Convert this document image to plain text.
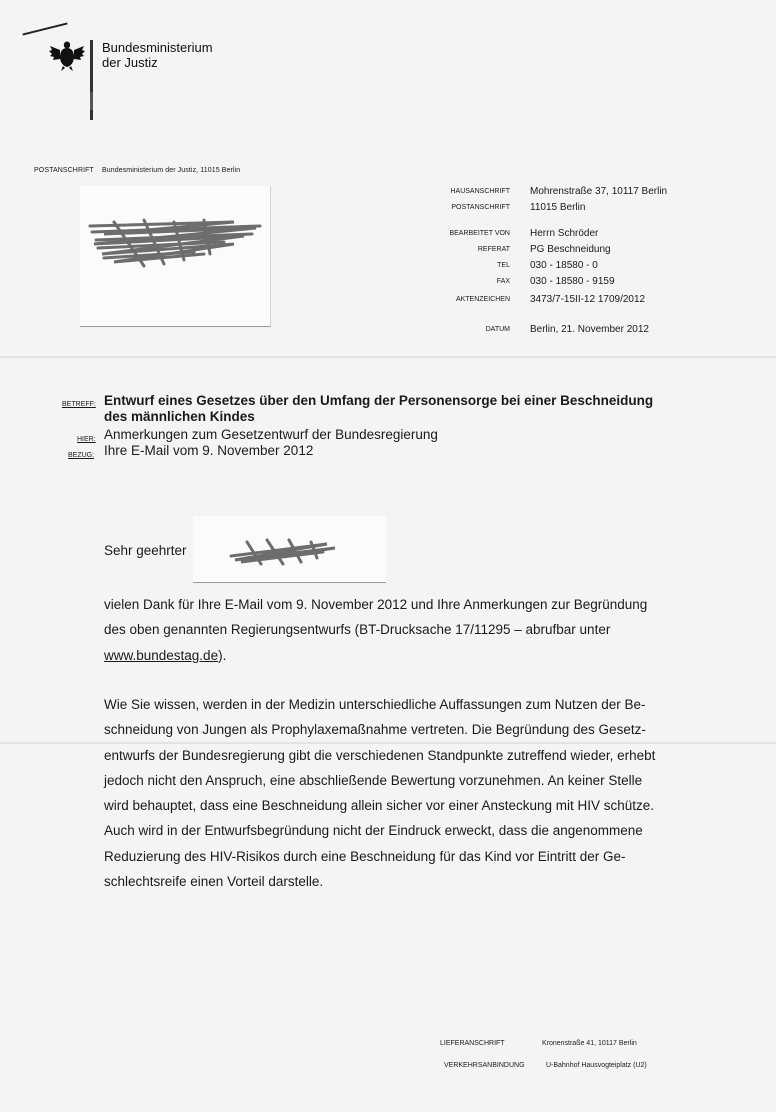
Bundesministerium
der Justiz
POSTANSCHRIFT Bundesministerium der Justiz, 11015 Berlin
HAUSANSCHRIFT Mohrenstraße 37, 10117 Berlin
POSTANSCHRIFT 11015 Berlin
BEARBEITET VON Herrn Schröder
REFERAT PG Beschneidung
TEL 030 - 18580 - 0
FAX 030 - 18580 - 9159
AKTENZEICHEN 3473/7-15II-12 1709/2012
DATUM Berlin, 21. November 2012
BETREFF: Entwurf eines Gesetzes über den Umfang der Personensorge bei einer Beschneidung
des männlichen Kindes
HIER: Anmerkungen zum Gesetzentwurf der Bundesregierung
BEZUG: Ihre E-Mail vom 9. November 2012
Sehr geehrter

vielen Dank für Ihre E-Mail vom 9. November 2012 und Ihre Anmerkungen zur Begründung

des oben genannten Regierungsentwurfs (BT-Drucksache 17/11295 – abrufbar unter

www.bundestag.de).

Wie Sie wissen, werden in der Medizin unterschiedliche Auffassungen zum Nutzen der Be-

schneidung von Jungen als Prophylaxemaßnahme vertreten. Die Begründung des Gesetz-

entwurfs der Bundesregierung gibt die verschiedenen Standpunkte zutreffend wieder, erhebt

jedoch nicht den Anspruch, eine abschließende Bewertung vorzunehmen. An keiner Stelle

wird behauptet, dass eine Beschneidung allein sicher vor einer Ansteckung mit HIV schütze.

Auch wird in der Entwurfsbegründung nicht der Eindruck erweckt, dass die angenommene

Reduzierung des HIV-Risikos durch eine Beschneidung für das Kind vor Eintritt der Ge-

schlechtsreife einen Vorteil darstelle.

LIEFERANSCHRIFT	Kronenstraße 41, 10117 Berlin
VERKEHRSANBINDUNG	U-Bahnhof Hausvogteiplatz (U2)
